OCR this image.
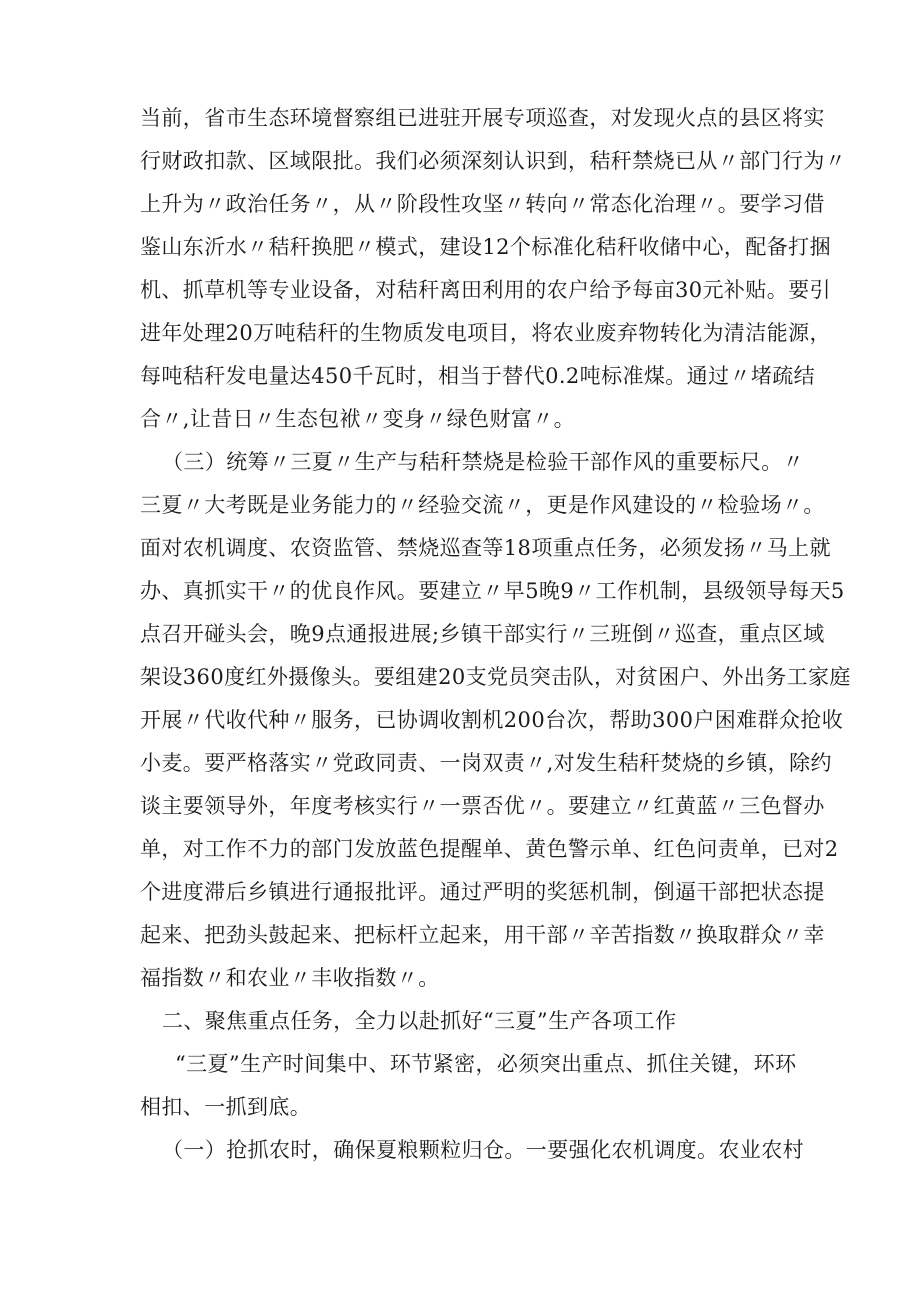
当前，省市生态环境督察组已进驻开展专项巡查，对发现火点的县区将实
行财政扣款、区域限批。我们必须深刻认识到，秸秆禁烧已从〃部门行为〃
上升为〃政治任务〃，从〃阶段性攻坚〃转向〃常态化治理〃。要学习借
鉴山东沂水〃秸秆换肥〃模式，建设12个标准化秸秆收储中心，配备打捆
机、抓草机等专业设备，对秸秆离田利用的农户给予每亩30元补贴。要引
进年处理20万吨秸秆的生物质发电项目，将农业废弃物转化为清洁能源，
每吨秸秆发电量达450千瓦时，相当于替代0.2吨标准煤。通过〃堵疏结
合〃,让昔日〃生态包袱〃变身〃绿色财富〃。
（三）统筹〃三夏〃生产与秸秆禁烧是检验干部作风的重要标尺。〃
三夏〃大考既是业务能力的〃经验交流〃，更是作风建设的〃检验场〃。
面对农机调度、农资监管、禁烧巡查等18项重点任务，必须发扬〃马上就
办、真抓实干〃的优良作风。要建立〃早5晚9〃工作机制，县级领导每天5
点召开碰头会，晚9点通报进展;乡镇干部实行〃三班倒〃巡查，重点区域
架设360度红外摄像头。要组建20支党员突击队，对贫困户、外出务工家庭
开展〃代收代种〃服务，已协调收割机200台次，帮助300户困难群众抢收
小麦。要严格落实〃党政同责、一岗双责〃,对发生秸秆焚烧的乡镇，除约
谈主要领导外，年度考核实行〃一票否优〃。要建立〃红黄蓝〃三色督办
单，对工作不力的部门发放蓝色提醒单、黄色警示单、红色问责单，已对2
个进度滞后乡镇进行通报批评。通过严明的奖惩机制，倒逼干部把状态提
起来、把劲头鼓起来、把标杆立起来，用干部〃辛苦指数〃换取群众〃幸
福指数〃和农业〃丰收指数〃。
二、聚焦重点任务，全力以赴抓好“三夏”生产各项工作
“三夏”生产时间集中、环节紧密，必须突出重点、抓住关键，环环
相扣、一抓到底。
（一）抢抓农时，确保夏粮颗粒归仓。一要强化农机调度。农业农村
